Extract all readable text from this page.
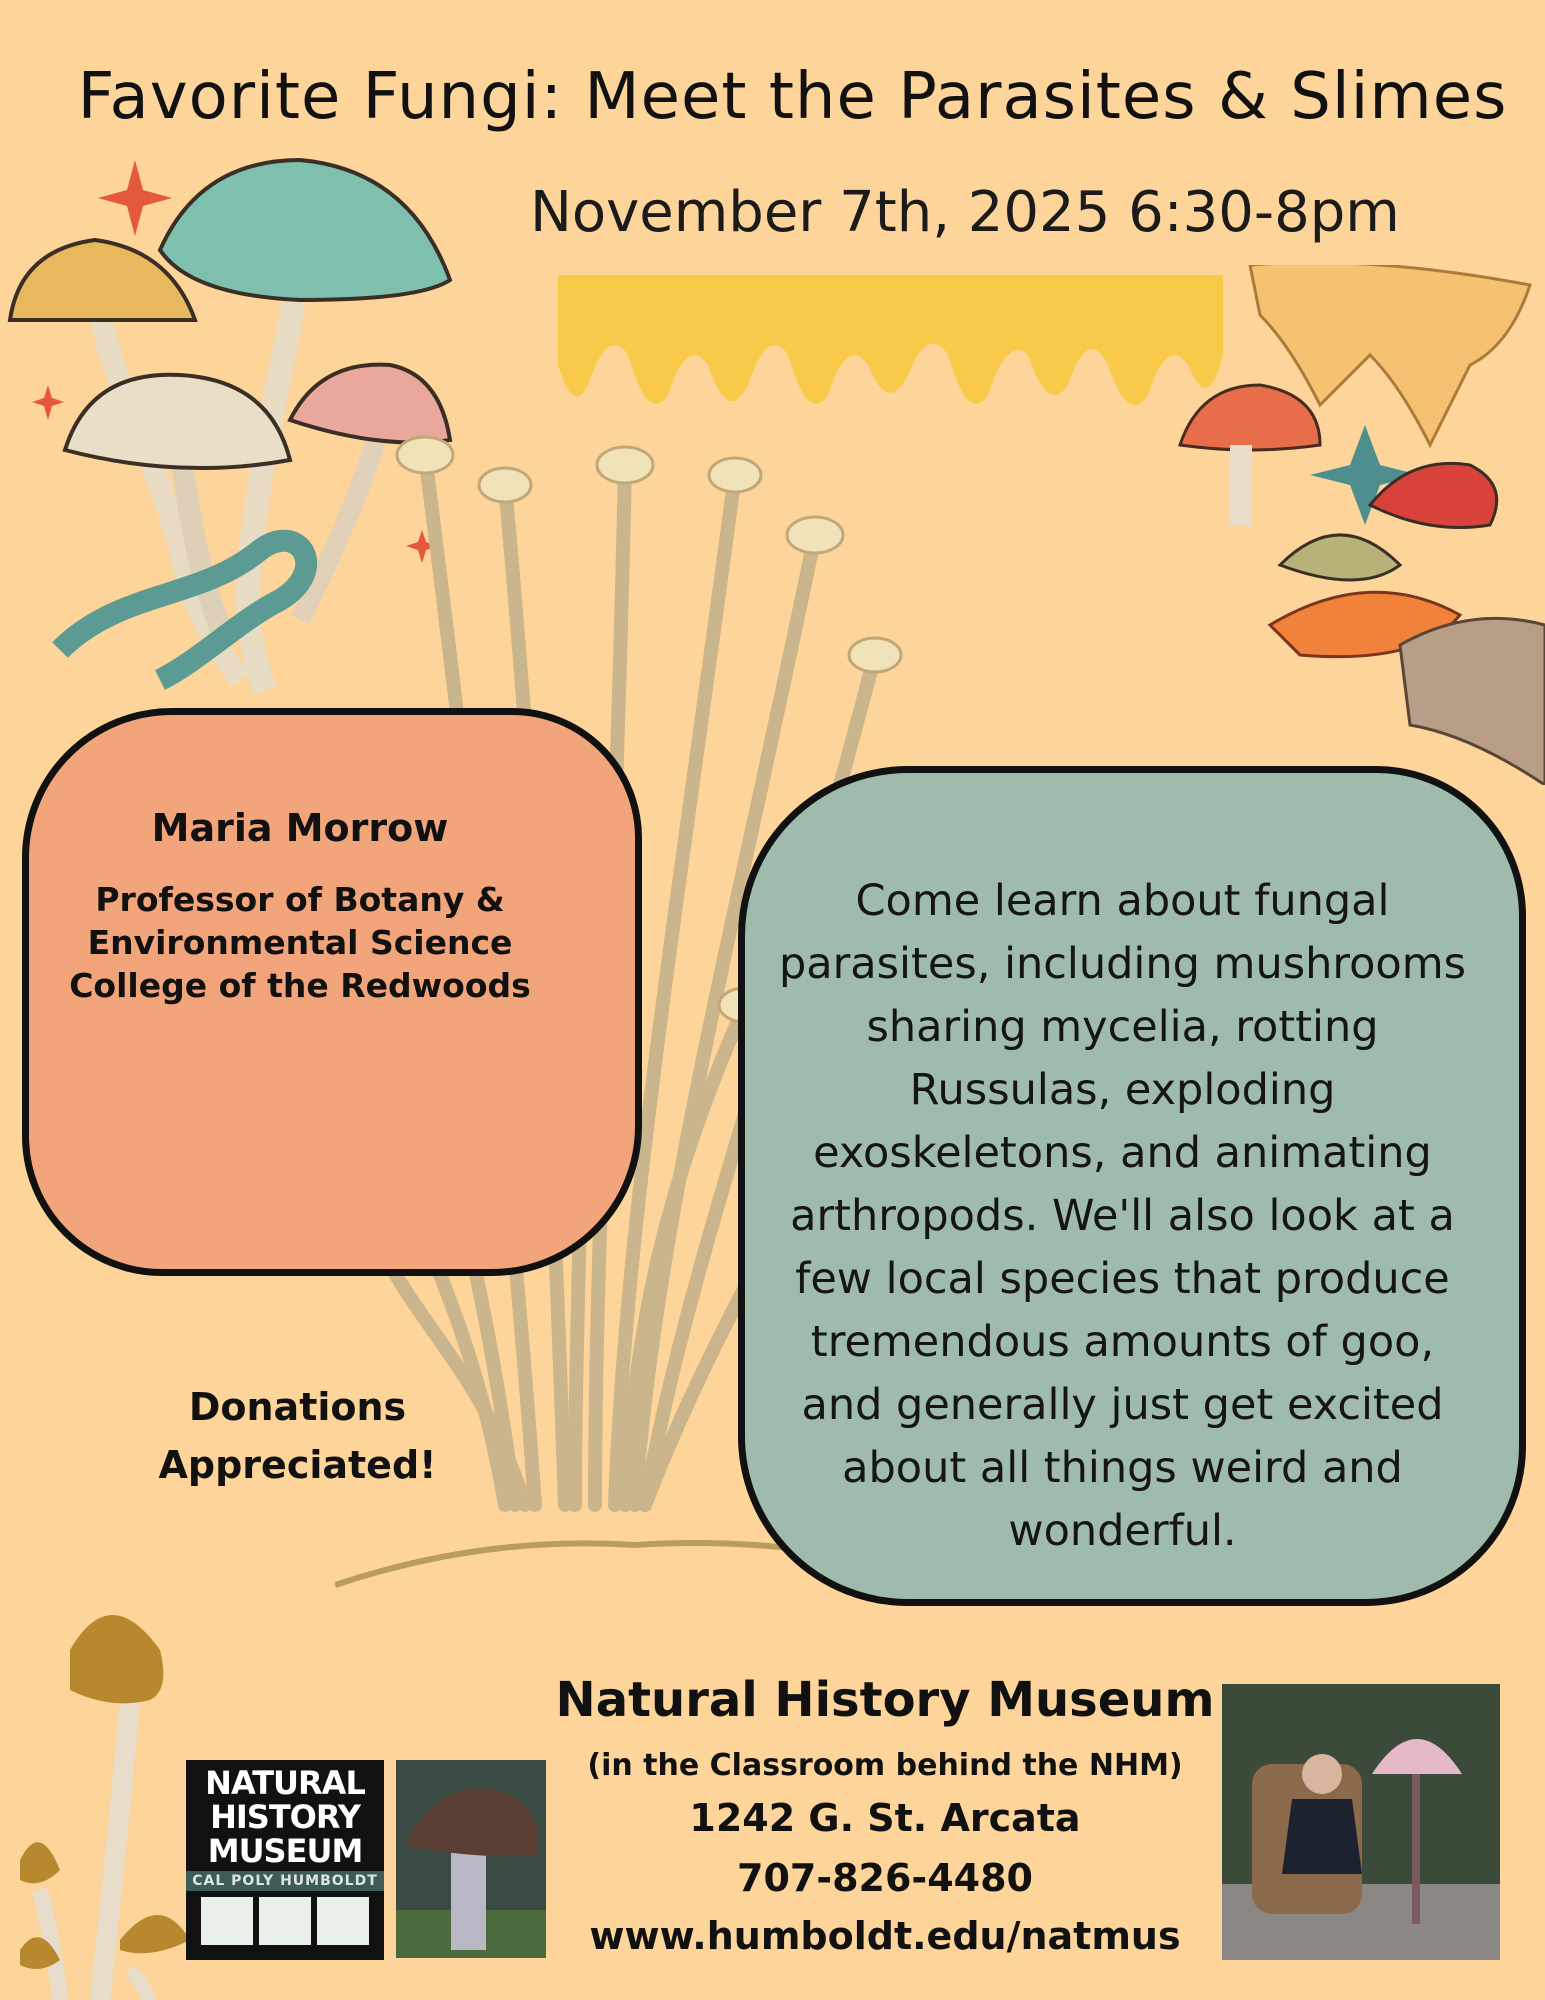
Favorite Fungi: Meet the Parasites & Slimes
November 7th, 2025 6:30-8pm
Maria Morrow
Professor of Botany &
Environmental Science
College of the Redwoods
Come learn about fungal parasites, including mushrooms sharing mycelia, rotting Russulas, exploding exoskeletons, and animating arthropods. We'll also look at a few local species that produce tremendous amounts of goo, and generally just get excited about all things weird and wonderful.
Donations
Appreciated!
Natural History Museum
(in the Classroom behind the NHM)
1242 G. St. Arcata
707-826-4480
www.humboldt.edu/natmus
NATURAL
HISTORY
MUSEUM
CAL POLY HUMBOLDT
